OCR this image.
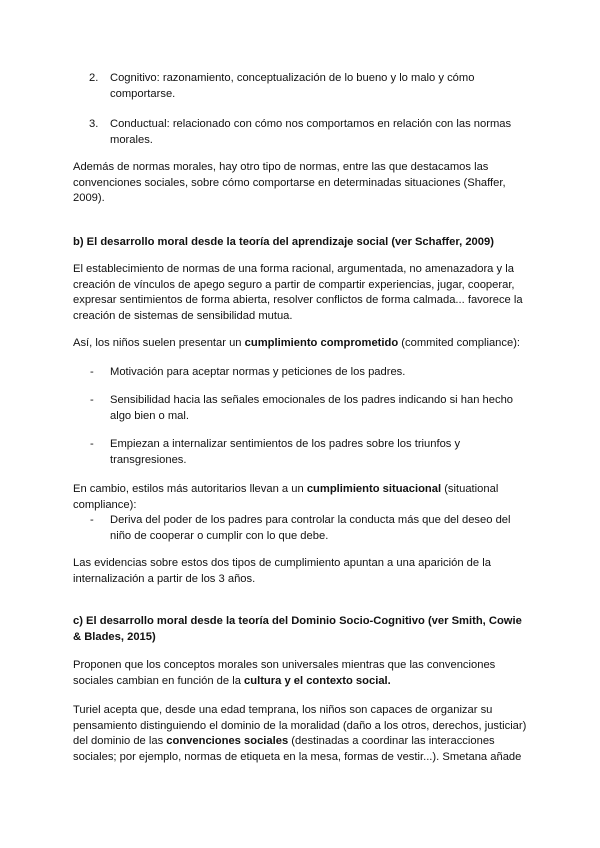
2. Cognitivo: razonamiento, conceptualización de lo bueno y lo malo y cómo comportarse.
3. Conductual: relacionado con cómo nos comportamos en relación con las normas morales.
Además de normas morales, hay otro tipo de normas, entre las que destacamos las convenciones sociales, sobre cómo comportarse en determinadas situaciones (Shaffer, 2009).
b) El desarrollo moral desde la teoría del aprendizaje social (ver Schaffer, 2009)
El establecimiento de normas de una forma racional, argumentada, no amenazadora y la creación de vínculos de apego seguro a partir de compartir experiencias, jugar, cooperar, expresar sentimientos de forma abierta, resolver conflictos de forma calmada... favorece la creación de sistemas de sensibilidad mutua.
Así, los niños suelen presentar un cumplimiento comprometido (commited compliance):
- Motivación para aceptar normas y peticiones de los padres.
- Sensibilidad hacia las señales emocionales de los padres indicando si han hecho algo bien o mal.
- Empiezan a internalizar sentimientos de los padres sobre los triunfos y transgresiones.
En cambio, estilos más autoritarios llevan a un cumplimiento situacional (situational compliance):
- Deriva del poder de los padres para controlar la conducta más que del deseo del niño de cooperar o cumplir con lo que debe.
Las evidencias sobre estos dos tipos de cumplimiento apuntan a una aparición de la internalización a partir de los 3 años.
c) El desarrollo moral desde la teoría del Dominio Socio-Cognitivo (ver Smith, Cowie & Blades, 2015)
Proponen que los conceptos morales son universales mientras que las convenciones sociales cambian en función de la cultura y el contexto social.
Turiel acepta que, desde una edad temprana, los niños son capaces de organizar su pensamiento distinguiendo el dominio de la moralidad (daño a los otros, derechos, justiciar) del dominio de las convenciones sociales (destinadas a coordinar las interacciones sociales; por ejemplo, normas de etiqueta en la mesa, formas de vestir...). Smetana añade
